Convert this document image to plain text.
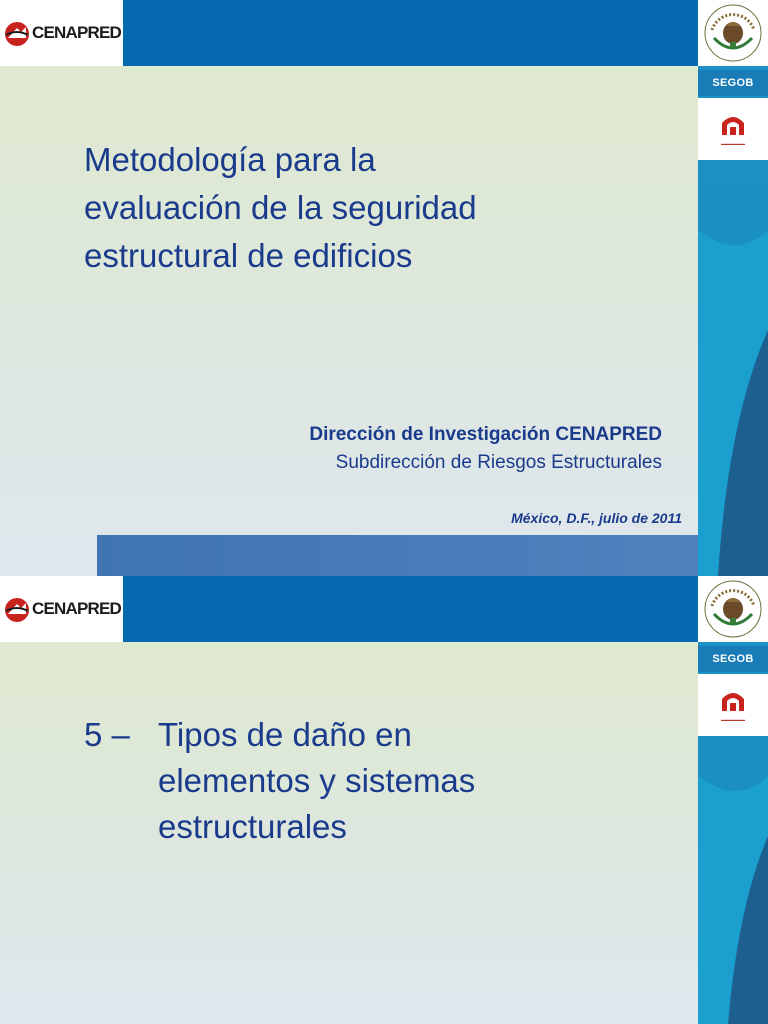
CENAPRED
SEGOB
▬▬▬▬▬▬
Metodología para la evaluación de la seguridad estructural de edificios
Dirección de Investigación CENAPRED
Subdirección de Riesgos Estructurales
México, D.F., julio de 2011
CENAPRED
SEGOB
▬▬▬▬▬▬
5 – Tipos de daño en elementos y sistemas estructurales
